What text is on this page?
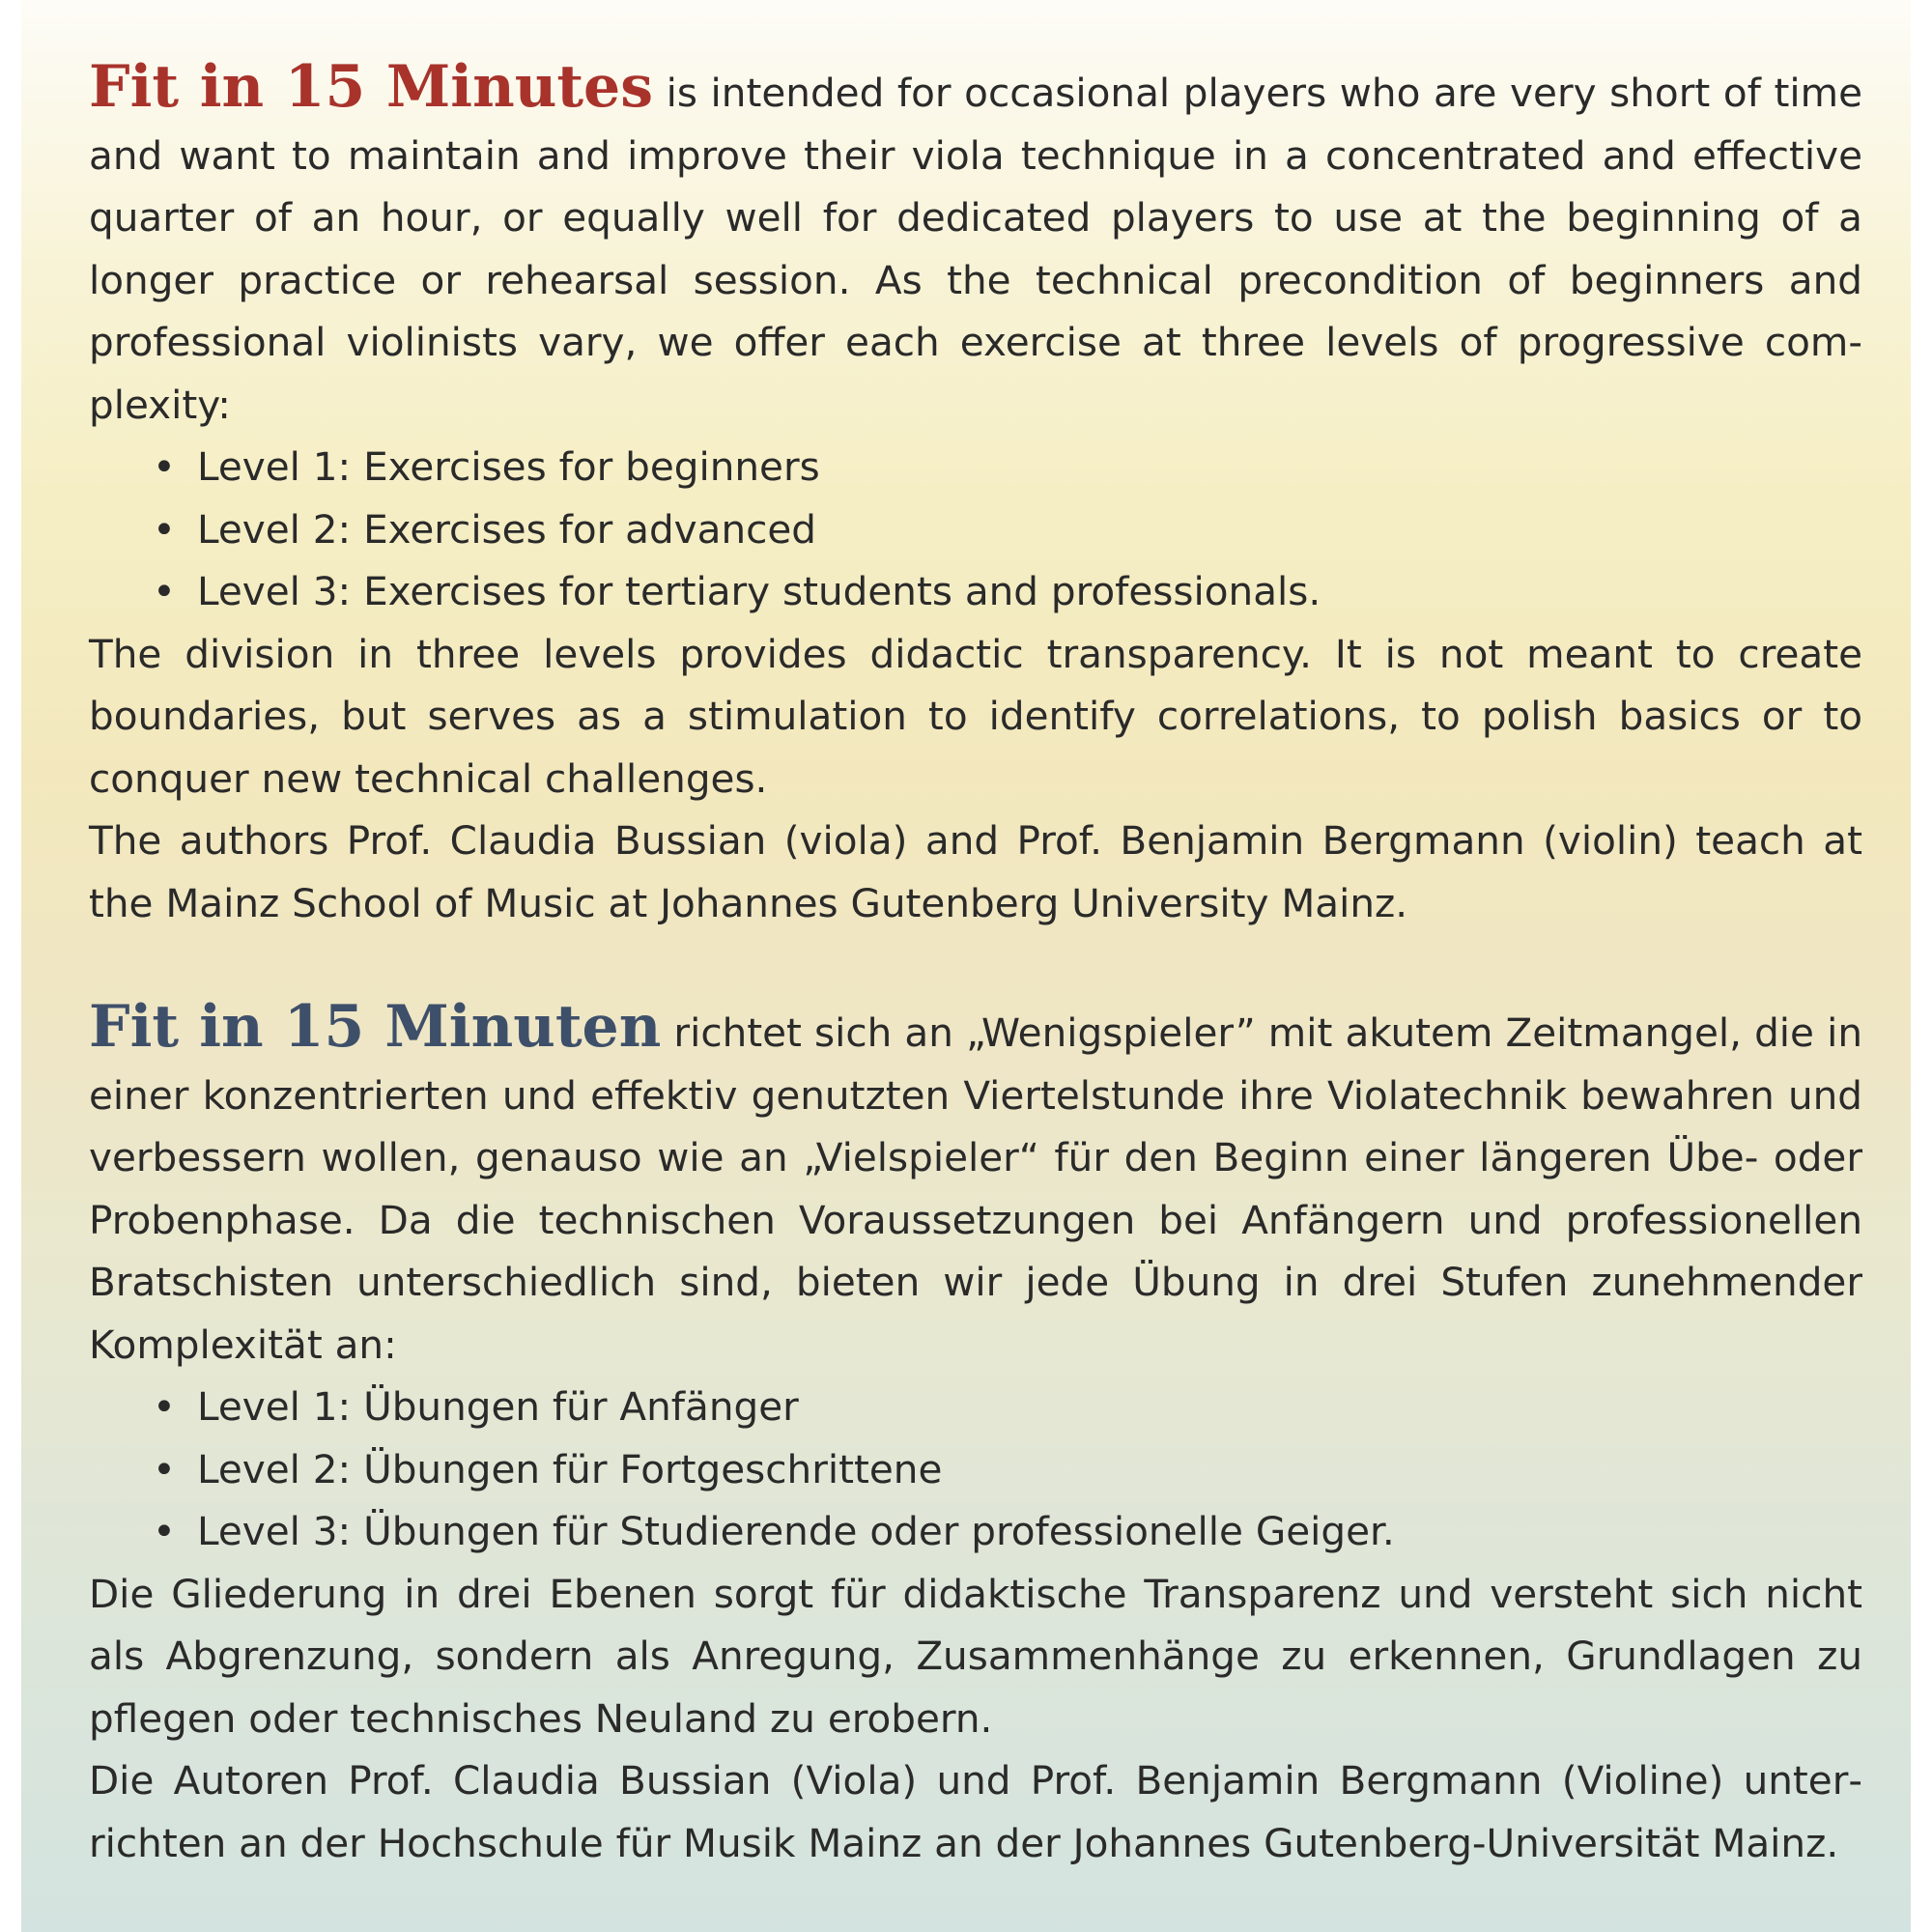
Fit in 15 Minutes is intended for occasional players who are very short of time and want to maintain and improve their viola technique in a concentrated and effective quarter of an hour, or equally well for dedicated players to use at the beginning of a longer practice or rehearsal session. As the technical precondition of beginners and professional violinists vary, we offer each exercise at three levels of progressive complexity:

• Level 1: Exercises for beginners
• Level 2: Exercises for advanced
• Level 3: Exercises for tertiary students and professionals.

The division in three levels provides didactic transparency. It is not meant to create boundaries, but serves as a stimulation to identify correlations, to polish basics or to conquer new technical challenges.

The authors Prof. Claudia Bussian (viola) and Prof. Benjamin Bergmann (violin) teach at the Mainz School of Music at Johannes Gutenberg University Mainz.

Fit in 15 Minuten richtet sich an „Wenigspieler” mit akutem Zeitmangel, die in einer konzentrierten und effektiv genutzten Viertelstunde ihre Violatechnik bewahren und verbessern wollen, genauso wie an „Vielspieler“ für den Beginn einer längeren Übe- oder Probenphase. Da die technischen Voraussetzungen bei Anfängern und professionellen Bratschisten unterschiedlich sind, bieten wir jede Übung in drei Stufen zunehmender Komplexität an:

• Level 1: Übungen für Anfänger
• Level 2: Übungen für Fortgeschrittene
• Level 3: Übungen für Studierende oder professionelle Geiger.

Die Gliederung in drei Ebenen sorgt für didaktische Transparenz und versteht sich nicht als Abgrenzung, sondern als Anregung, Zusammenhänge zu erkennen, Grundlagen zu pflegen oder technisches Neuland zu erobern.

Die Autoren Prof. Claudia Bussian (Viola) und Prof. Benjamin Bergmann (Violine) unterrichten an der Hochschule für Musik Mainz an der Johannes Gutenberg-Universität Mainz.
